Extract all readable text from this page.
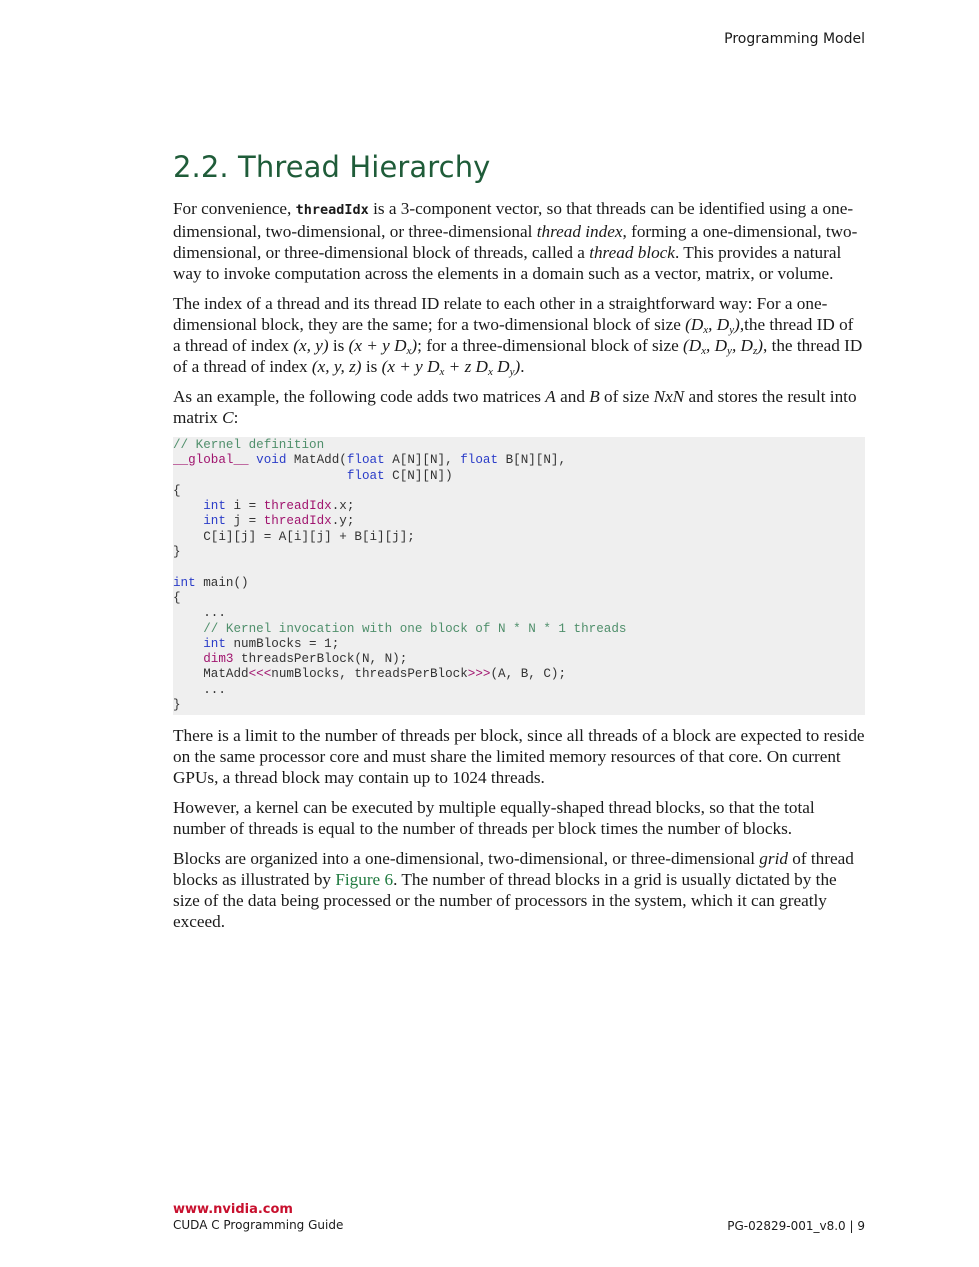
Programming Model
2.2. Thread Hierarchy

For convenience, threadIdx is a 3-component vector, so that threads can be identified using a one-dimensional, two-dimensional, or three-dimensional thread index, forming a one-dimensional, two-dimensional, or three-dimensional block of threads, called a thread block. This provides a natural way to invoke computation across the elements in a domain such as a vector, matrix, or volume.

The index of a thread and its thread ID relate to each other in a straightforward way: For a one-dimensional block, they are the same; for a two-dimensional block of size ($D_x$, $D_y),the$ thread ID of a thread of index (x, y) is (x + y $D_x$); for a three-dimensional block of size ($D_x$, $D_y$, $D_z$), the thread ID of a thread of index (x, y, z) is (x + y $D_x + z$ $D_x$ $D_y$).

As an example, the following code adds two matrices A and B of size NxN and stores the result into matrix C:

// Kernel definition
__global__ void MatAdd(float A[N][N], float B[N][N],
float C[N][N])
{
int i = threadIdx.x;
int j = threadIdx.y;
C[i][j] = A[i][j] + B[i][j];
}

int main()
{
...
// Kernel invocation with one block of N * N * 1 threads
int numBlocks = 1;
dim3 threadsPerBlock(N, N);
MatAdd<<<numBlocks, threadsPerBlock>>>(A, B, C);
...
}

There is a limit to the number of threads per block, since all threads of a block are expected to reside on the same processor core and must share the limited memory resources of that core. On current GPUs, a thread block may contain up to 1024 threads.

However, a kernel can be executed by multiple equally-shaped thread blocks, so that the total number of threads is equal to the number of threads per block times the number of blocks.

Blocks are organized into a one-dimensional, two-dimensional, or three-dimensional grid of thread blocks as illustrated by Figure 6. The number of thread blocks in a grid is usually dictated by the size of the data being processed or the number of processors in the system, which it can greatly exceed.

www.nvidia.com
CUDA C Programming Guide	PG-02829-001_v8.0 | 9
